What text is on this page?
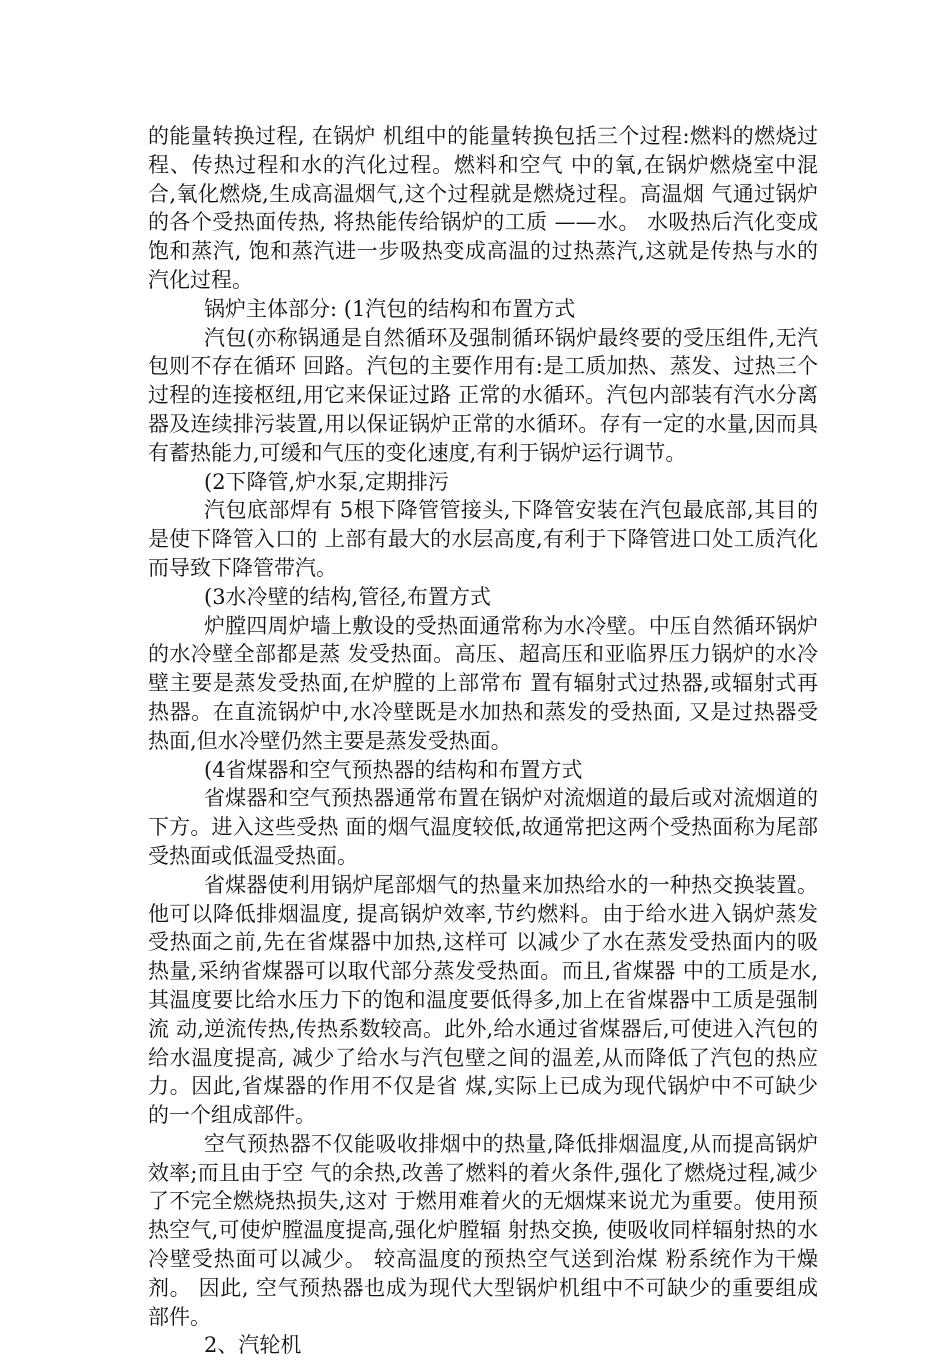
的能量转换过程, 在锅炉 机组中的能量转换包括三个过程:燃料的燃烧过程、传热过程和水的汽化过程。燃料和空气 中的氧,在锅炉燃烧室中混合,氧化燃烧,生成高温烟气,这个过程就是燃烧过程。高温烟 气通过锅炉的各个受热面传热, 将热能传给锅炉的工质 ——水。 水吸热后汽化变成饱和蒸汽, 饱和蒸汽进一步吸热变成高温的过热蒸汽,这就是传热与水的汽化过程。

锅炉主体部分: (1汽包的结构和布置方式

汽包(亦称锅通是自然循环及强制循环锅炉最终要的受压组件,无汽包则不存在循环 回路。汽包的主要作用有:是工质加热、蒸发、过热三个过程的连接枢纽,用它来保证过路 正常的水循环。汽包内部装有汽水分离器及连续排污装置,用以保证锅炉正常的水循环。存有一定的水量,因而具有蓄热能力,可缓和气压的变化速度,有利于锅炉运行调节。

(2下降管,炉水泵,定期排污

汽包底部焊有 5根下降管管接头,下降管安装在汽包最底部,其目的是使下降管入口的 上部有最大的水层高度,有利于下降管进口处工质汽化而导致下降管带汽。

(3水冷壁的结构,管径,布置方式

炉膛四周炉墙上敷设的受热面通常称为水冷壁。中压自然循环锅炉的水冷壁全部都是蒸 发受热面。高压、超高压和亚临界压力锅炉的水冷壁主要是蒸发受热面,在炉膛的上部常布 置有辐射式过热器,或辐射式再热器。在直流锅炉中,水冷壁既是水加热和蒸发的受热面, 又是过热器受热面,但水冷壁仍然主要是蒸发受热面。

(4省煤器和空气预热器的结构和布置方式

省煤器和空气预热器通常布置在锅炉对流烟道的最后或对流烟道的下方。进入这些受热 面的烟气温度较低,故通常把这两个受热面称为尾部受热面或低温受热面。

省煤器使利用锅炉尾部烟气的热量来加热给水的一种热交换装置。 他可以降低排烟温度, 提高锅炉效率,节约燃料。由于给水进入锅炉蒸发受热面之前,先在省煤器中加热,这样可 以减少了水在蒸发受热面内的吸热量,采纳省煤器可以取代部分蒸发受热面。而且,省煤器 中的工质是水,其温度要比给水压力下的饱和温度要低得多,加上在省煤器中工质是强制流 动,逆流传热,传热系数较高。此外,给水通过省煤器后,可使进入汽包的给水温度提高, 减少了给水与汽包壁之间的温差,从而降低了汽包的热应力。因此,省煤器的作用不仅是省 煤,实际上已成为现代锅炉中不可缺少的一个组成部件。

空气预热器不仅能吸收排烟中的热量,降低排烟温度,从而提高锅炉效率;而且由于空 气的余热,改善了燃料的着火条件,强化了燃烧过程,减少了不完全燃烧热损失,这对 于燃用难着火的无烟煤来说尤为重要。使用预热空气,可使炉膛温度提高,强化炉膛辐 射热交换, 使吸收同样辐射热的水冷壁受热面可以减少。 较高温度的预热空气送到治煤 粉系统作为干燥剂。 因此, 空气预热器也成为现代大型锅炉机组中不可缺少的重要组成 部件。

2、汽轮机
